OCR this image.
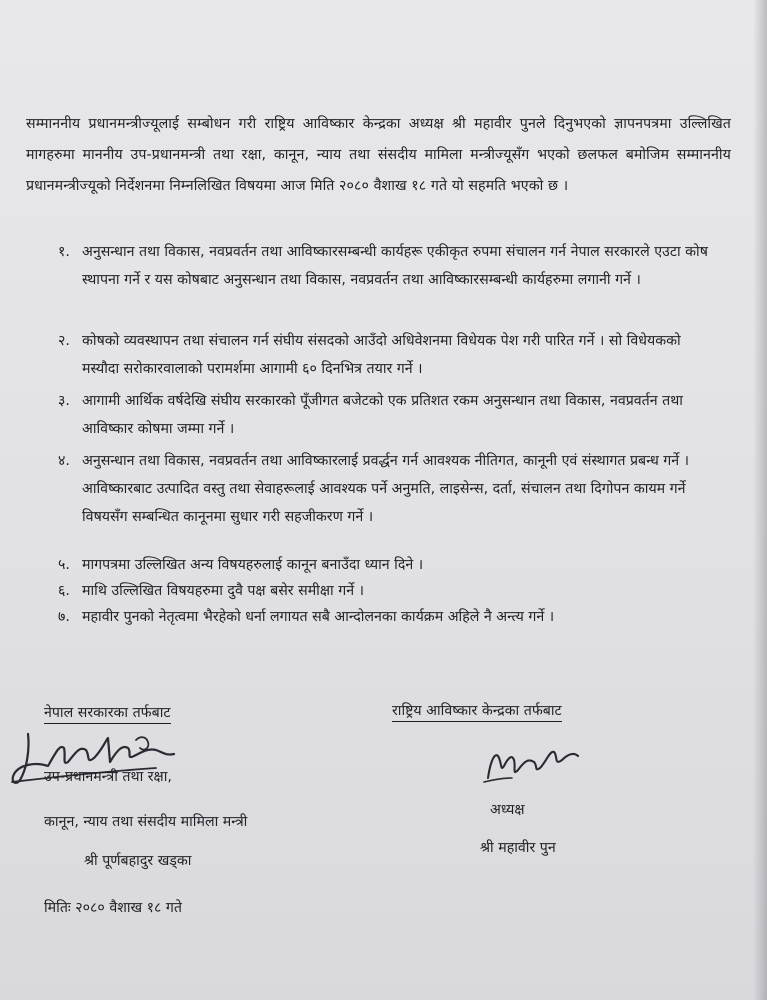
सम्माननीय प्रधानमन्त्रीज्यूलाई सम्बोधन गरी राष्ट्रिय आविष्कार केन्द्रका अध्यक्ष श्री महावीर पुनले दिनुभएको ज्ञापनपत्रमा उल्लिखित मागहरुमा माननीय उप-प्रधानमन्त्री तथा रक्षा, कानून, न्याय तथा संसदीय मामिला मन्त्रीज्यूसँग भएको छलफल बमोजिम सम्माननीय प्रधानमन्त्रीज्यूको निर्देशनमा निम्नलिखित विषयमा आज मिति २०८० वैशाख १८ गते यो सहमति भएको छ ।

१. अनुसन्धान तथा विकास, नवप्रवर्तन तथा आविष्कारसम्बन्धी कार्यहरू एकीकृत रुपमा संचालन गर्न नेपाल सरकारले एउटा कोष स्थापना गर्ने र यस कोषबाट अनुसन्धान तथा विकास, नवप्रवर्तन तथा आविष्कारसम्बन्धी कार्यहरुमा लगानी गर्ने ।
२. कोषको व्यवस्थापन तथा संचालन गर्न संघीय संसदको आउँदो अधिवेशनमा विधेयक पेश गरी पारित गर्ने । सो विधेयकको मस्यौदा सरोकारवालाको परामर्शमा आगामी ६० दिनभित्र तयार गर्ने ।
३. आगामी आर्थिक वर्षदेखि संघीय सरकारको पूँजीगत बजेटको एक प्रतिशत रकम अनुसन्धान तथा विकास, नवप्रवर्तन तथा आविष्कार कोषमा जम्मा गर्ने ।
४. अनुसन्धान तथा विकास, नवप्रवर्तन तथा आविष्कारलाई प्रवर्द्धन गर्न आवश्यक नीतिगत, कानूनी एवं संस्थागत प्रबन्ध गर्ने । आविष्कारबाट उत्पादित वस्तु तथा सेवाहरूलाई आवश्यक पर्ने अनुमति, लाइसेन्स, दर्ता, संचालन तथा दिगोपन कायम गर्ने विषयसँग सम्बन्धित कानूनमा सुधार गरी सहजीकरण गर्ने ।
५. मागपत्रमा उल्लिखित अन्य विषयहरुलाई कानून बनाउँदा ध्यान दिने ।
६. माथि उल्लिखित विषयहरुमा दुवै पक्ष बसेर समीक्षा गर्ने ।
७. महावीर पुनको नेतृत्वमा भैरहेको धर्ना लगायत सबै आन्दोलनका कार्यक्रम अहिले नै अन्त्य गर्ने ।
नेपाल सरकारका तर्फबाट
उप-प्रधानमन्त्री तथा रक्षा,
कानून, न्याय तथा संसदीय मामिला मन्त्री
श्री पूर्णबहादुर खड्का
मितिः २०८० वैशाख १८ गते
राष्ट्रिय आविष्कार केन्द्रका तर्फबाट
अध्यक्ष
श्री महावीर पुन
